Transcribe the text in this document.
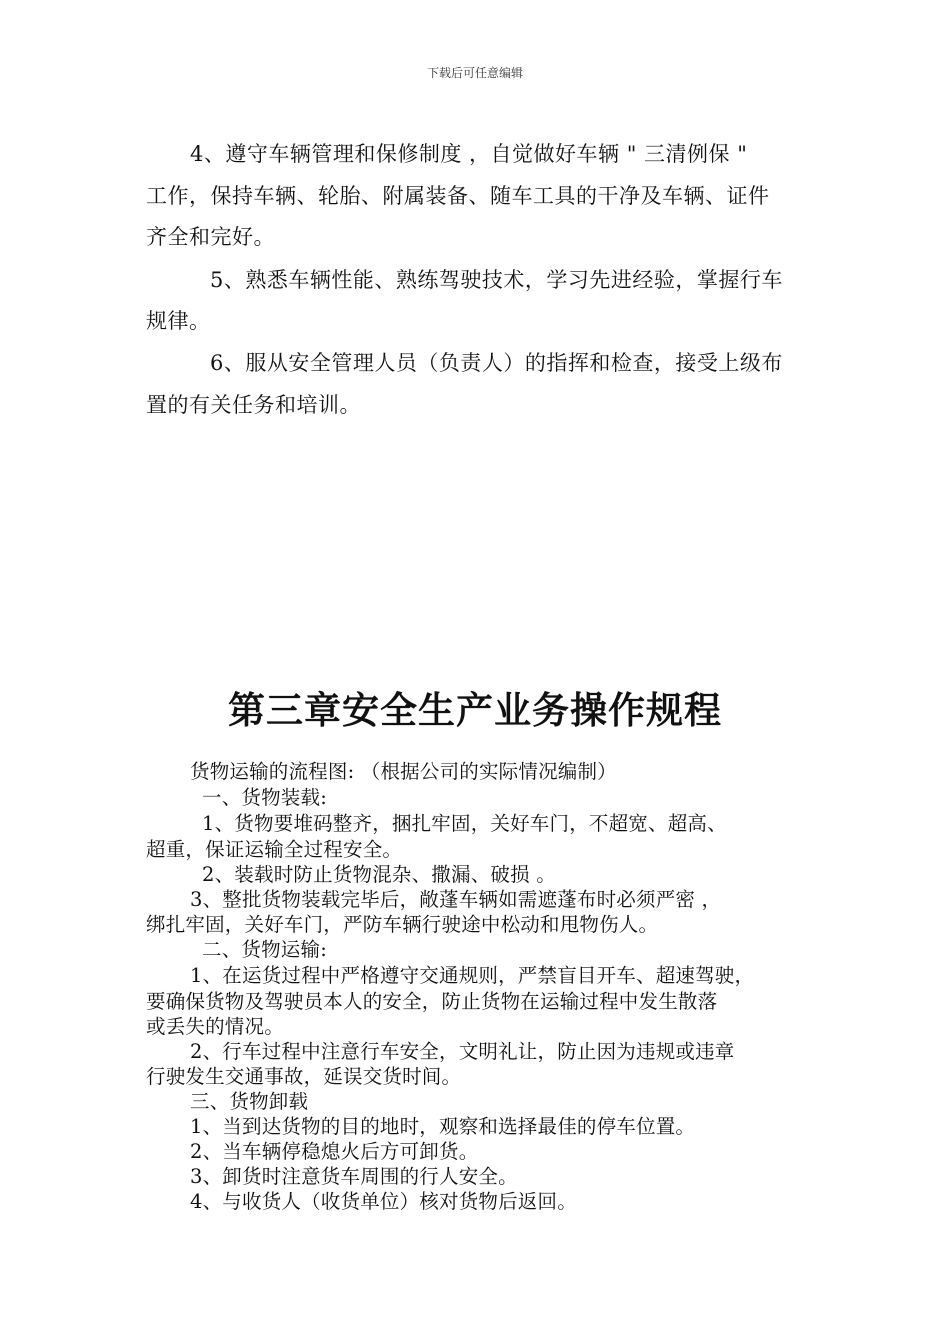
下载后可任意编辑
4、遵守车辆管理和保修制度 ，自觉做好车辆 " 三清例保 "
工作，保持车辆、轮胎、附属装备、随车工具的干净及车辆、证件
齐全和完好。
5、熟悉车辆性能、熟练驾驶技术，学习先进经验，掌握行车
规律。
6、服从安全管理人员（负责人）的指挥和检查，接受上级布
置的有关任务和培训。
第三章安全生产业务操作规程
货物运输的流程图: （根据公司的实际情况编制）
一、货物装载:
1、货物要堆码整齐，捆扎牢固，关好车门，不超宽、超高、
超重，保证运输全过程安全。
2、装载时防止货物混杂、撒漏、破损 。
3、整批货物装载完毕后，敞蓬车辆如需遮蓬布时必须严密 ，
绑扎牢固，关好车门，严防车辆行驶途中松动和甩物伤人。
二、货物运输:
1、在运货过程中严格遵守交通规则，严禁盲目开车、超速驾驶，
要确保货物及驾驶员本人的安全，防止货物在运输过程中发生散落
或丢失的情况。
2、行车过程中注意行车安全，文明礼让，防止因为违规或违章
行驶发生交通事故，延误交货时间。
三、货物卸载
1、当到达货物的目的地时，观察和选择最佳的停车位置。
2、当车辆停稳熄火后方可卸货。
3、卸货时注意货车周围的行人安全。
4、与收货人（收货单位）核对货物后返回。
